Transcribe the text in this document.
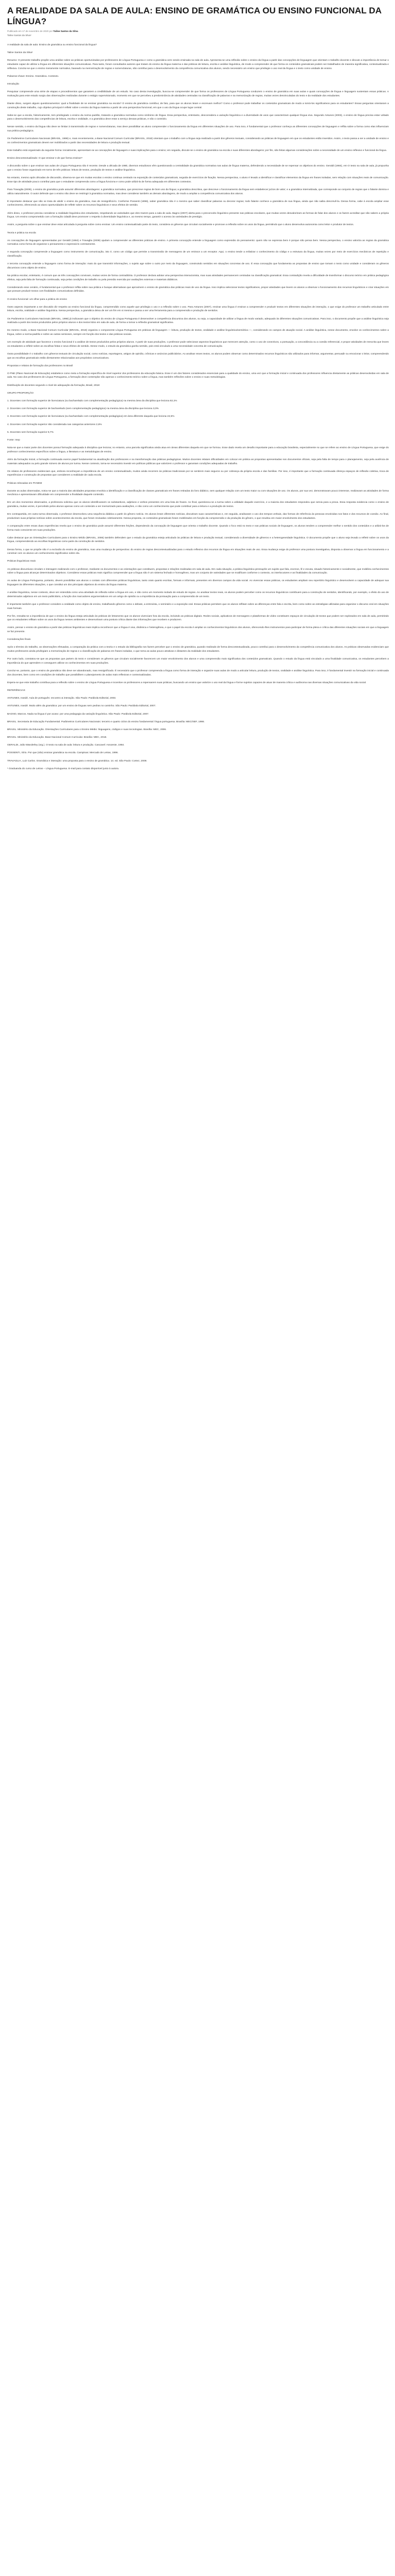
A REALIDADE DA SALA DE AULA: ENSINO DE GRAMÁTICA OU ENSINO FUNCIONAL DA LÍNGUA?
Publicado em 17 de novembro de 2020 por Taline Santos da Silva
Taline Santos da Silva¹

A realidade da sala de aula: Ensino de gramática ou ensino funcional da língua?

Taline Santos da Silva¹

Resumo: O presente trabalho propõe uma análise sobre as práticas oportunizadas por professores de Língua Portuguesa e como a gramática vem sendo ensinada na sala de aula. Apresenta-se uma reflexão sobre o ensino da língua a partir das concepções de linguagem que orientam o trabalho docente e discute a importância de tornar o estudante capaz de utilizar a língua em diferentes situações comunicativas. Para tanto, foram consultados autores que tratam do ensino da língua materna e das práticas de leitura, escrita e análise linguística, de modo a compreender de que forma os conteúdos gramaticais podem ser trabalhados de maneira significativa, contextualizada e reflexiva. Conclui-se que o ensino meramente normativo, baseado na memorização de regras e nomenclaturas, não contribui para o desenvolvimento da competência comunicativa dos alunos, sendo necessário um ensino que privilegie o uso real da língua e o texto como unidade de ensino.

Palavras-chave: Ensino. Gramática. Contexto.

Introdução

Pesquisar compreende uma série de etapas e procedimentos que garantem a credibilidade de um estudo. No caso desta investigação, buscou-se compreender de que forma os professores de Língua Portuguesa conduzem o ensino de gramática em suas aulas e quais concepções de língua e linguagem sustentam essas práticas. A motivação para este estudo surgiu das observações realizadas durante o estágio supervisionado, momento em que se percebeu a predominância de atividades centradas na classificação de palavras e na memorização de regras, muitas vezes desvinculadas do texto e da realidade dos estudantes.

Diante disso, surgem alguns questionamentos: qual a finalidade de se ensinar gramática na escola? O ensino de gramática contribui, de fato, para que os alunos leiam e escrevam melhor? Como o professor pode trabalhar os conteúdos gramaticais de modo a torná-los significativos para os estudantes? Essas perguntas orientaram a construção deste trabalho, cujo objetivo principal é refletir sobre o ensino da língua materna a partir de uma perspectiva funcional, em que o uso da língua ocupe lugar central.

Sabe-se que a escola, historicamente, tem privilegiado o ensino da norma padrão, tratando a gramática normativa como sinônimo de língua. Essa perspectiva, entretanto, desconsidera a variação linguística e a diversidade de usos que caracterizam qualquer língua viva. Segundo Antunes (2003), o ensino de língua precisa estar voltado para o desenvolvimento das competências de leitura, escrita e oralidade, e a gramática deve estar a serviço dessas práticas, e não o contrário.

Nesse sentido, o ensino da língua não deve se limitar à transmissão de regras e nomenclaturas, mas deve possibilitar ao aluno compreender o funcionamento da língua em diferentes situações de uso. Para isso, é fundamental que o professor conheça as diferentes concepções de linguagem e reflita sobre a forma como elas influenciam sua prática pedagógica.

Os Parâmetros Curriculares Nacionais (BRASIL, 1998) e, mais recentemente, a Base Nacional Comum Curricular (BRASIL, 2018) orientam que o trabalho com a língua seja realizado a partir dos gêneros textuais, considerando as práticas de linguagem em que os estudantes estão inseridos. Assim, o texto passa a ser a unidade de ensino e os conhecimentos gramaticais devem ser mobilizados a partir das necessidades de leitura e produção textual.

Este trabalho está organizado da seguinte forma: inicialmente, apresentam-se as concepções de linguagem e suas implicações para o ensino; em seguida, discute-se o ensino de gramática na escola e suas diferentes abordagens; por fim, são feitas algumas considerações sobre a necessidade de um ensino reflexivo e funcional da língua.

Ensino descontextualizado: O que ensinar e de que forma ensinar?

A discussão sobre o que ensinar nas aulas de Língua Portuguesa não é recente. Desde a década de 1980, diversos estudiosos vêm questionando a centralidade da gramática normativa nas aulas de língua materna, defendendo a necessidade de se repensar os objetivos do ensino. Geraldi (1984), em O texto na sala de aula, já propunha que o ensino fosse organizado em torno de três práticas: leitura de textos, produção de textos e análise linguística.

No entanto, mesmo após décadas de discussão, observa-se que em muitas escolas o ensino continua centrado na exposição de conteúdos gramaticais, seguida de exercícios de fixação. Nessa perspectiva, o aluno é levado a identificar e classificar elementos da língua em frases isoladas, sem relação com situações reais de comunicação. Esse tipo de atividade pouco contribui para que o estudante compreenda como a língua funciona e como pode utilizá-la de forma adequada em diferentes contextos.

Para Travaglia (2009), o ensino de gramática pode assumir diferentes abordagens: a gramática normativa, que prescreve regras de bom uso da língua; a gramática descritiva, que descreve o funcionamento da língua sem estabelecer juízos de valor; e a gramática internalizada, que corresponde ao conjunto de regras que o falante domina e utiliza naturalmente. O autor defende que o ensino não deve se restringir à gramática normativa, mas deve considerar também as demais abordagens, de modo a ampliar a competência comunicativa dos alunos.

É importante destacar que não se trata de abolir o ensino da gramática, mas de ressignificá-lo. Conforme Possenti (1996), saber gramática não é o mesmo que saber classificar palavras ou decorar regras; todo falante conhece a gramática de sua língua, ainda que não saiba descrevê-la. Dessa forma, cabe à escola ampliar esse conhecimento, oferecendo ao aluno oportunidades de refletir sobre os recursos linguísticos e seus efeitos de sentido.

Além disso, o professor precisa considerar a realidade linguística dos estudantes, respeitando as variedades que eles trazem para a sala de aula. Bagno (2007) alerta para o preconceito linguístico presente nas práticas escolares, que muitas vezes desvalorizam as formas de falar dos alunos e os fazem acreditar que não sabem a própria língua. Um ensino comprometido com a formação cidadã deve promover o respeito à diversidade linguística e, ao mesmo tempo, garantir o acesso às variedades de prestígio.

Assim, a pergunta sobre o que ensinar deve estar articulada à pergunta sobre como ensinar. Um ensino contextualizado parte do texto, considera os gêneros que circulam socialmente e promove a reflexão sobre os usos da língua, permitindo que o aluno desenvolva autonomia como leitor e produtor de textos.

Teoria e prática na escola

As concepções de linguagem apresentadas por Geraldi (1984) e Travaglia (2009) ajudam a compreender as diferentes práticas de ensino. A primeira concepção entende a linguagem como expressão do pensamento: quem não se expressa bem é porque não pensa bem. Nessa perspectiva, o ensino valoriza as regras da gramática normativa como forma de organizar o pensamento e expressá-lo corretamente.

A segunda concepção compreende a linguagem como instrumento de comunicação, isto é, como um código que permite a transmissão de mensagens de um emissor a um receptor. Aqui, o ensino tende a enfatizar o conhecimento do código e a estrutura da língua, muitas vezes por meio de exercícios mecânicos de repetição e classificação.

A terceira concepção entende a linguagem como forma de interação: mais do que transmitir informações, o sujeito age sobre o outro por meio da linguagem, construindo sentidos em situações concretas de uso. É essa concepção que fundamenta as propostas de ensino que tomam o texto como unidade e consideram os gêneros discursivos como objeto de ensino.

Na prática escolar, entretanto, é comum que as três concepções convivam, muitas vezes de forma contraditória. O professor declara adotar uma perspectiva interacionista, mas suas atividades permanecem centradas na classificação gramatical. Essa contradição revela a dificuldade de transformar o discurso teórico em prática pedagógica efetiva, seja pela falta de formação continuada, seja pelas condições de trabalho ou pela pressão exercida por avaliações externas e materiais didáticos.

Considerando esse cenário, é fundamental que o professor reflita sobre sua prática e busque alternativas que aproximem o ensino de gramática das práticas reais de uso da língua. Isso implica selecionar textos significativos, propor atividades que levem os alunos a observar o funcionamento dos recursos linguísticos e criar situações em que possam produzir textos com finalidades comunicativas definidas.

O ensino funcional: um olhar para a prática de ensino

Outro aspecto importante a ser discutido diz respeito ao ensino funcional da língua, compreendido como aquele que privilegia o uso e a reflexão sobre o uso. Para Antunes (2007), ensinar uma língua é ensinar a compreender e produzir textos em diferentes situações de interação, o que exige do professor um trabalho articulado entre leitura, escrita, oralidade e análise linguística. Nessa perspectiva, a gramática deixa de ser um fim em si mesma e passa a ser uma ferramenta para a compreensão e produção de sentidos.

Os Parâmetros Curriculares Nacionais (BRASIL, 1998) já indicavam que o objetivo do ensino de Língua Portuguesa é desenvolver a competência discursiva dos alunos, ou seja, a capacidade de utilizar a língua de modo variado, adequado às diferentes situações comunicativas. Para isso, o documento propõe que a análise linguística seja realizada a partir dos textos produzidos pelos próprios alunos e dos textos lidos em sala de aula, de forma a tornar a reflexão gramatical significativa.

Do mesmo modo, a Base Nacional Comum Curricular (BRASIL, 2018) organiza o componente Língua Portuguesa em práticas de linguagem — leitura, produção de textos, oralidade e análise linguística/semiótica —, considerando os campos de atuação social. A análise linguística, nesse documento, envolve os conhecimentos sobre a língua, sobre a norma-padrão e sobre as outras semioses, sempre em função dos textos e das práticas sociais.

Um exemplo de atividade que favorece o ensino funcional é a análise de textos produzidos pelos próprios alunos. A partir de suas produções, o professor pode selecionar aspectos linguísticos que merecem atenção, como o uso de conectivos, a pontuação, a concordância ou a coesão referencial, e propor atividades de reescrita que levem os estudantes a refletir sobre as escolhas feitas e seus efeitos de sentido. Desse modo, o estudo da gramática ganha sentido, pois está vinculado a uma necessidade concreta de comunicação.

Outra possibilidade é o trabalho com gêneros textuais de circulação social, como notícias, reportagens, artigos de opinião, crônicas e anúncios publicitários. Ao analisar esses textos, os alunos podem observar como determinados recursos linguísticos são utilizados para informar, argumentar, persuadir ou emocionar o leitor, compreendendo que as escolhas gramaticais estão diretamente relacionadas aos propósitos comunicativos.

Propostas e relatos de formação dos professores no Brasil

O PNE (Plano Nacional de Educação) estabelece como meta a formação específica de nível superior dos professores da educação básica. Esse é um dos fatores considerados essenciais para a qualidade do ensino, uma vez que a formação inicial e continuada dos professores influencia diretamente as práticas desenvolvidas em sala de aula. No caso dos professores de Língua Portuguesa, a formação deve contemplar não apenas o conhecimento teórico sobre a língua, mas também reflexões sobre o ensino e suas metodologias.

Distribuição de docentes segundo o nível de adequação da formação, Brasil, 2018:

GRUPO PROPORÇÃO

1. Docentes com formação superior de licenciatura (ou bacharelado com complementação pedagógica) na mesma área da disciplina que leciona 63,1%

2. Docentes com formação superior de bacharelado (sem complementação pedagógica) na mesma área da disciplina que leciona 3,0%

3. Docentes com formação superior de licenciatura (ou bacharelado com complementação pedagógica) em área diferente daquela que leciona 22,5%

4. Docentes com formação superior não considerada nas categorias anteriores 2,6%

5. Docentes sem formação superior 8,7%

Fonte: Inep

Nota-se que a maior parte dos docentes possui formação adequada à disciplina que leciona; no entanto, uma parcela significativa ainda atua em áreas diferentes daquela em que se formou. Esse dado revela um desafio importante para a educação brasileira, especialmente no que se refere ao ensino de Língua Portuguesa, que exige do professor conhecimentos específicos sobre a língua, a literatura e as metodologias de ensino.

Além da formação inicial, a formação continuada exerce papel fundamental na atualização dos professores e na transformação das práticas pedagógicas. Muitos docentes relatam dificuldades em colocar em prática as propostas apresentadas nos documentos oficiais, seja pela falta de tempo para o planejamento, seja pela ausência de materiais adequados ou pelo grande número de alunos por turma. Nesse contexto, torna-se necessário investir em políticas públicas que valorizem o professor e garantam condições adequadas de trabalho.

Os relatos de professores evidenciam que, embora reconheçam a importância de um ensino contextualizado, muitos ainda recorrem às práticas tradicionais por se sentirem mais seguros ou por cobrança da própria escola e das famílias. Por isso, é importante que a formação continuada ofereça espaços de reflexão coletiva, troca de experiências e construção de propostas que considerem a realidade de cada escola.

Práticas relevadas em PCNEM

Durante as aulas observadas, notou-se que a maioria das atividades propostas envolvia a identificação e a classificação de classes gramaticais em frases retiradas do livro didático, sem qualquer relação com um texto maior ou com situações de uso. Os alunos, por sua vez, demonstravam pouco interesse, realizavam as atividades de forma mecânica e apresentavam dificuldade em compreender a finalidade daquele conteúdo.

Em um dos momentos observados, a professora solicitou que os alunos identificassem os substantivos, adjetivos e verbos presentes em uma lista de frases. Ao final, questionou-se a turma sobre a utilidade daquele exercício, e a maioria dos estudantes respondeu que servia para a prova. Essa resposta evidencia como o ensino de gramática, muitas vezes, é percebido pelos alunos apenas como um conteúdo a ser memorizado para avaliações, e não como um conhecimento que pode contribuir para a leitura e a produção de textos.

Em contrapartida, em outra turma observada, o professor desenvolveu uma sequência didática a partir do gênero notícia. Os alunos leram diferentes notícias, discutiram suas características e, em seguida, analisaram o uso dos tempos verbais, das formas de referência às pessoas envolvidas nos fatos e dos recursos de coesão. Ao final, produziram suas próprias notícias sobre acontecimentos da escola, que foram revisadas coletivamente. Nessa proposta, os conteúdos gramaticais foram mobilizados em função da compreensão e da produção do gênero, o que resultou em maior envolvimento dos estudantes.

A comparação entre essas duas experiências revela que o ensino de gramática pode assumir diferentes feições, dependendo da concepção de linguagem que orienta o trabalho docente. Quando o foco está no texto e nas práticas sociais de linguagem, os alunos tendem a compreender melhor o sentido dos conteúdos e a utilizá-los de forma mais consciente em suas produções.

Cabe destacar que as Orientações Curriculares para o Ensino Médio (BRASIL, 2006) também defendem que o estudo da gramática esteja articulado às práticas de leitura e produção textual, considerando a diversidade de gêneros e a heterogeneidade linguística. O documento propõe que o aluno seja levado a refletir sobre os usos da língua, compreendendo as escolhas linguísticas como parte da construção de sentidos.

Dessa forma, o que se propõe não é a exclusão do ensino de gramática, mas uma mudança de perspectiva: do ensino de regras descontextualizadas para o estudo reflexivo dos recursos da língua em situações reais de uso. Essa mudança exige do professor uma postura investigativa, disposta a observar a língua em funcionamento e a construir com os alunos um conhecimento significativo sobre ela.

Práticas linguísticas reais

As práticas discursivas circulam e interagem realizando com o professor, mediante os documentos e as orientações que constituem, propostas e relações realizadas em sala de aula. Em cada situação, a prática linguística pressupõe um sujeito que fala, escreve, lê e escuta, situado historicamente e socialmente, que mobiliza conhecimentos sobre a língua para alcançar determinados objetivos. Considerar essas práticas reais significa compreender que a língua não é um sistema fechado e homogêneo, mas um conjunto de variedades que se modificam conforme o contexto, os interlocutores e as finalidades da comunicação.

As aulas de Língua Portuguesa, portanto, devem possibilitar aos alunos o contato com diferentes práticas linguísticas, tanto orais quanto escritas, formais e informais, presentes em diversos campos da vida social. Ao vivenciar essas práticas, os estudantes ampliam seu repertório linguístico e desenvolvem a capacidade de adequar sua linguagem às diferentes situações, o que constitui um dos principais objetivos do ensino da língua materna.

A análise linguística, nesse contexto, deve ser entendida como uma atividade de reflexão sobre a língua em uso, e não como um momento isolado de estudo de regras. Ao analisar textos reais, os alunos podem perceber como os recursos linguísticos contribuem para a construção de sentidos, identificando, por exemplo, o efeito do uso de determinados adjetivos em um texto publicitário, a função dos marcadores argumentativos em um artigo de opinião ou a importância da pontuação para a compreensão de um texto.

É importante também que o professor considere a oralidade como objeto de ensino, trabalhando gêneros como o debate, a entrevista, o seminário e a exposição oral. Essas práticas permitem que os alunos reflitam sobre as diferenças entre fala e escrita, bem como sobre as estratégias utilizadas para organizar o discurso oral em situações mais formais.

Por fim, ressalta-se a importância de que o ensino da língua esteja articulado às práticas de letramento que os alunos vivenciam fora da escola, incluindo as práticas digitais. Redes sociais, aplicativos de mensagens e plataformas de vídeo constituem espaços de circulação de textos que podem ser explorados em sala de aula, permitindo que os estudantes reflitam sobre os usos da língua nesses ambientes e desenvolvam uma postura crítica diante das informações que recebem e produzem.

Assim, pensar o ensino de gramática a partir das práticas linguísticas reais implica reconhecer que a língua é viva, dinâmica e heterogênea, e que o papel da escola é ampliar os conhecimentos linguísticos dos alunos, oferecendo-lhes instrumentos para participar de forma plena e crítica das diferentes situações sociais em que a linguagem se faz presente.

Considerações finais

Após o término do trabalho, as observações efetuadas, a comparação da prática com a teoria e o estudo da bibliografia nos fazem perceber que o ensino de gramática, quando realizado de forma descontextualizada, pouco contribui para o desenvolvimento da competência comunicativa dos alunos. As práticas observadas evidenciam que muitos professores ainda privilegiam a memorização de regras e a classificação de palavras em frases isoladas, o que torna as aulas pouco atrativas e distantes da realidade dos estudantes.

Por outro lado, constatou-se que as propostas que partem do texto e consideram os gêneros que circulam socialmente favorecem um maior envolvimento dos alunos e uma compreensão mais significativa dos conteúdos gramaticais. Quando o estudo da língua está vinculado a uma finalidade comunicativa, os estudantes percebem a importância do que aprendem e conseguem utilizar os conhecimentos em suas produções.

Conclui-se, portanto, que o ensino de gramática não deve ser abandonado, mas ressignificado. É necessário que o professor compreenda a língua como forma de interação e organize suas aulas de modo a articular leitura, produção de textos, oralidade e análise linguística. Para isso, é fundamental investir na formação inicial e continuada dos docentes, bem como em condições de trabalho que possibilitem o planejamento de aulas mais reflexivas e contextualizadas.

Espera-se que este trabalho contribua para a reflexão sobre o ensino de Língua Portuguesa e incentive os professores a repensarem suas práticas, buscando um ensino que valorize o uso real da língua e forme sujeitos capazes de atuar de maneira crítica e autônoma nas diversas situações comunicativas da vida social.

REFERÊNCIAS

ANTUNES, Irandé. Aula de português: encontro & interação. São Paulo: Parábola Editorial, 2003.

ANTUNES, Irandé. Muito além da gramática: por um ensino de línguas sem pedras no caminho. São Paulo: Parábola Editorial, 2007.

BAGNO, Marcos. Nada na língua é por acaso: por uma pedagogia da variação linguística. São Paulo: Parábola Editorial, 2007.

BRASIL. Secretaria de Educação Fundamental. Parâmetros Curriculares Nacionais: terceiro e quarto ciclos do ensino fundamental: língua portuguesa. Brasília: MEC/SEF, 1998.

BRASIL. Ministério da Educação. Orientações Curriculares para o Ensino Médio: linguagens, códigos e suas tecnologias. Brasília: MEC, 2006.

BRASIL. Ministério da Educação. Base Nacional Comum Curricular. Brasília: MEC, 2018.

GERALDI, João Wanderley (org.). O texto na sala de aula: leitura e produção. Cascavel: Assoeste, 1984.

POSSENTI, Sírio. Por que (não) ensinar gramática na escola. Campinas: Mercado de Letras, 1996.

TRAVAGLIA, Luiz Carlos. Gramática e interação: uma proposta para o ensino de gramática. 14. ed. São Paulo: Cortez, 2009.

¹ Graduanda do curso de Letras – Língua Portuguesa. E-mail para contato disponível junto à autora.
